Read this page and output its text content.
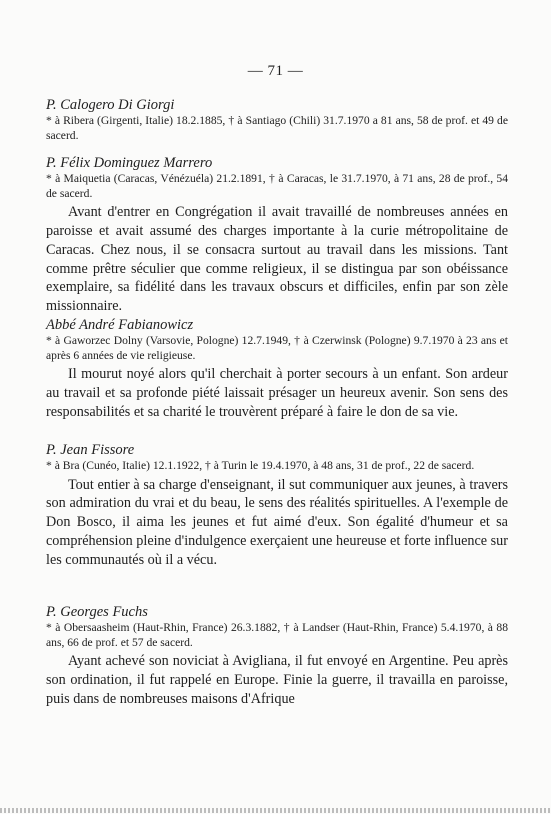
— 71 —

P. Calogero Di Giorgi

* à Ribera (Girgenti, Italie) 18.2.1885, † à Santiago (Chili) 31.7.1970 a 81 ans, 58 de prof. et 49 de sacerd.

P. Félix Dominguez Marrero

* à Maiquetia (Caracas, Vénézuéla) 21.2.1891, † à Caracas, le 31.7.1970, à 71 ans, 28 de prof., 54 de sacerd.

Avant d'entrer en Congrégation il avait travaillé de nombreuses années en paroisse et avait assumé des charges importante à la curie métropolitaine de Caracas. Chez nous, il se consacra surtout au travail dans les missions. Tant comme prêtre séculier que comme religieux, il se distingua par son obéissance exemplaire, sa fidélité dans les travaux obscurs et difficiles, enfin par son zèle missionnaire.

Abbé André Fabianowicz

* à Gaworzec Dolny (Varsovie, Pologne) 12.7.1949, † à Czerwinsk (Pologne) 9.7.1970 à 23 ans et après 6 années de vie religieuse.

Il mourut noyé alors qu'il cherchait à porter secours à un enfant. Son ardeur au travail et sa profonde piété laissait présager un heureux avenir. Son sens des responsabilités et sa charité le trouvèrent préparé à faire le don de sa vie.

P. Jean Fissore

* à Bra (Cunéo, Italie) 12.1.1922, † à Turin le 19.4.1970, à 48 ans, 31 de prof., 22 de sacerd.

Tout entier à sa charge d'enseignant, il sut communiquer aux jeunes, à travers son admiration du vrai et du beau, le sens des réalités spirituelles. A l'exemple de Don Bosco, il aima les jeunes et fut aimé d'eux. Son égalité d'humeur et sa compréhension pleine d'indulgence exerçaient une heureuse et forte influence sur les communautés où il a vécu.

P. Georges Fuchs

* à Obersaasheim (Haut-Rhin, France) 26.3.1882, † à Landser (Haut-Rhin, France) 5.4.1970, à 88 ans, 66 de prof. et 57 de sacerd.

Ayant achevé son noviciat à Avigliana, il fut envoyé en Argentine. Peu après son ordination, il fut rappelé en Europe. Finie la guerre, il travailla en paroisse, puis dans de nombreuses maisons d'Afrique
